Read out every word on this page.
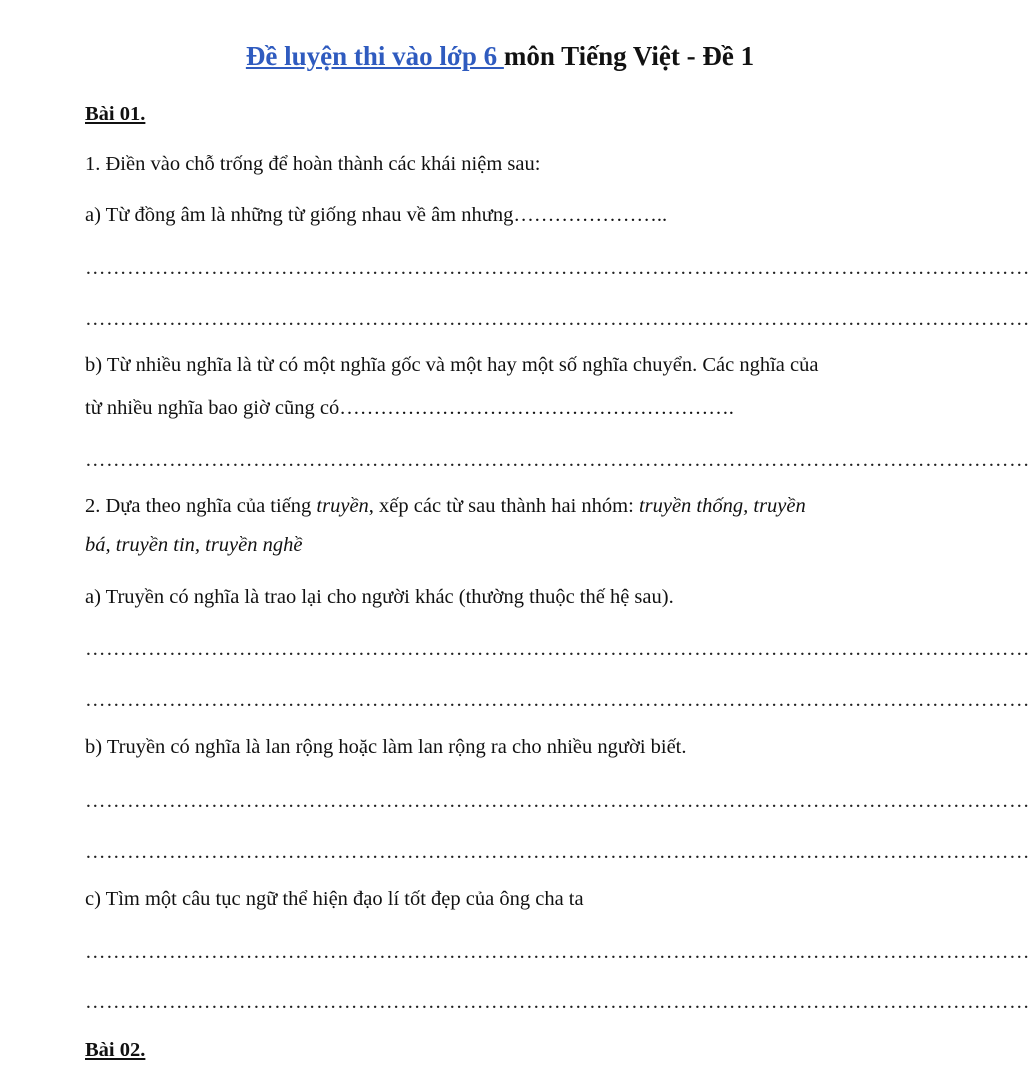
Đề luyện thi vào lớp 6 môn Tiếng Việt - Đề 1
Bài 01.
1. Điền vào chỗ trống để hoàn thành các khái niệm sau:
a) Từ đồng âm là những từ giống nhau về âm nhưng…………………..
………………………………………………………………………………………………………………………
………………………………………………………………………………………………………………………
b) Từ nhiều nghĩa là từ có một nghĩa gốc và một hay một số nghĩa chuyển. Các nghĩa của
từ nhiều nghĩa bao giờ cũng có………………………………………………….
………………………………………………………………………………………………………………………
2. Dựa theo nghĩa của tiếng truyền, xếp các từ sau thành hai nhóm: truyền thống, truyền
bá, truyền tin, truyền nghề
a) Truyền có nghĩa là trao lại cho người khác (thường thuộc thế hệ sau).
………………………………………………………………………………………………………………………
………………………………………………………………………………………………………………………
b) Truyền có nghĩa là lan rộng hoặc làm lan rộng ra cho nhiều người biết.
………………………………………………………………………………………………………………………
………………………………………………………………………………………………………………………
c) Tìm một câu tục ngữ thể hiện đạo lí tốt đẹp của ông cha ta
………………………………………………………………………………………………………………………
………………………………………………………………………………………………………………………
Bài 02.
